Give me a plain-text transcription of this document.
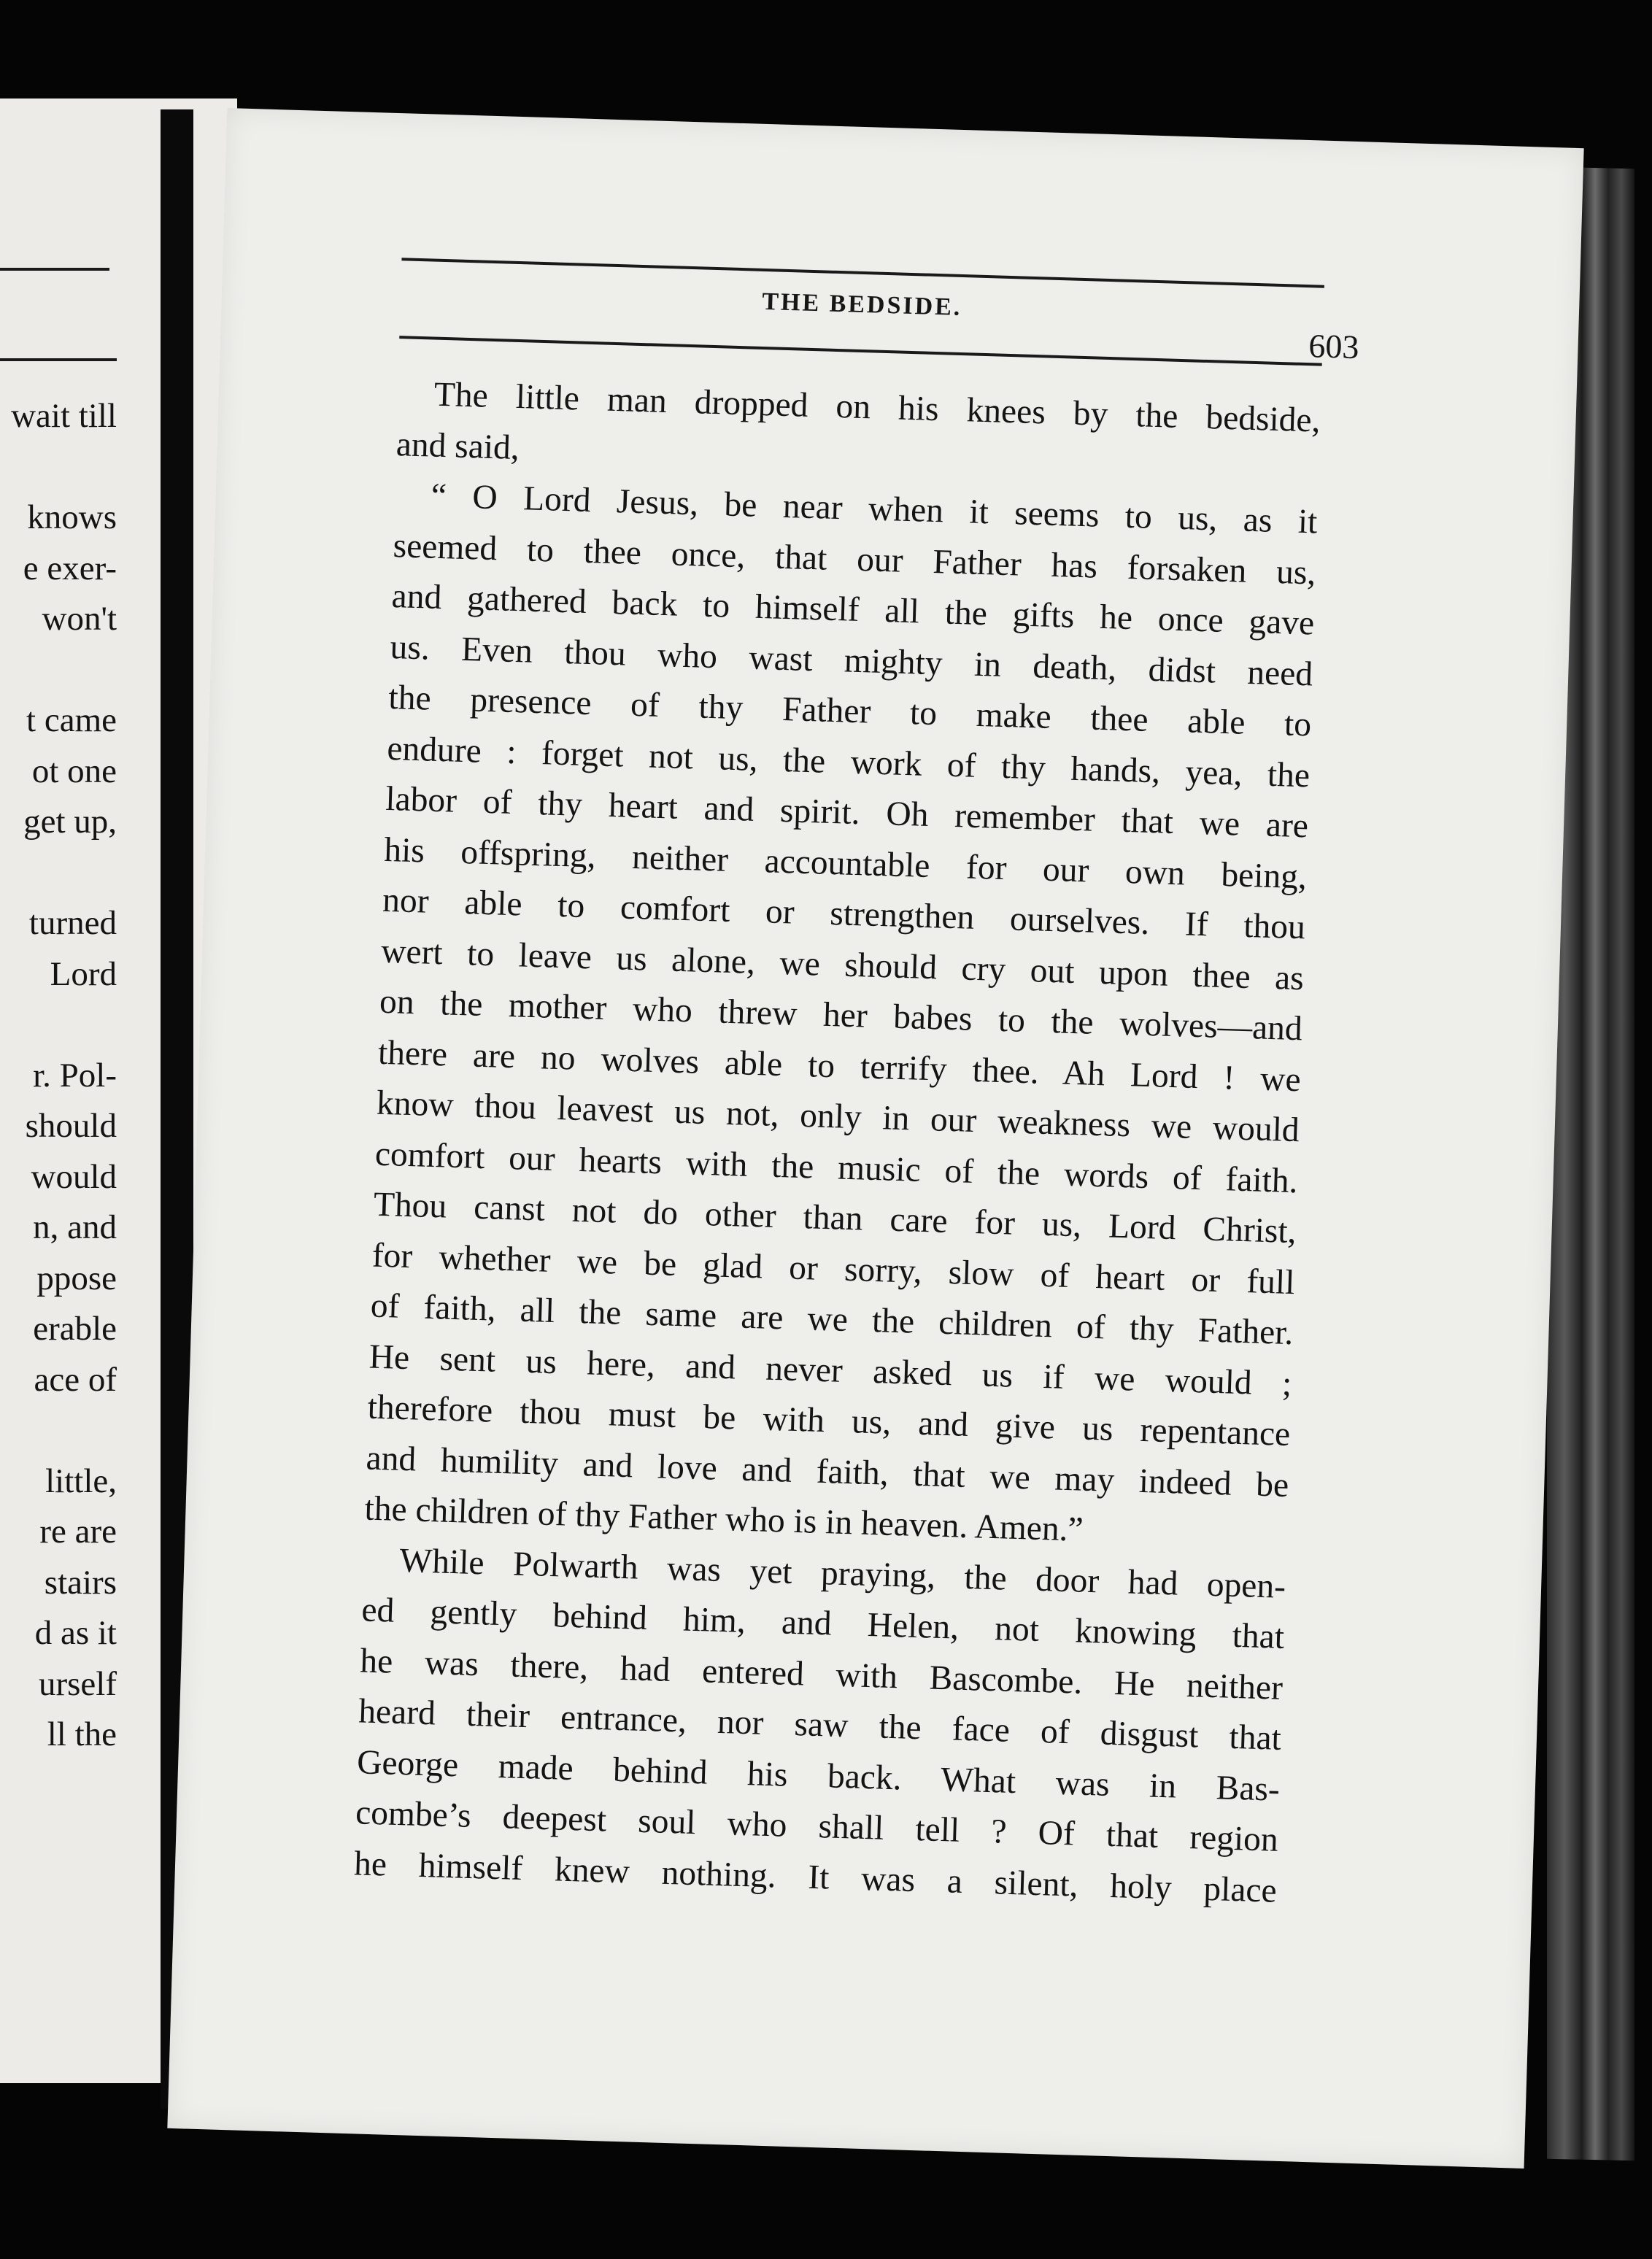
wait till
knows
e exer-
won't
t came
ot one
get up,
turned
Lord
r. Pol-
should
would
n, and
ppose
erable
ace of
little,
re are
stairs
d as it
urself
ll the
THE BEDSIDE.
603
The little man dropped on his knees by the bedside,
and said,
“ O Lord Jesus, be near when it seems to us, as it
seemed to thee once, that our Father has forsaken us,
and gathered back to himself all the gifts he once gave
us. Even thou who wast mighty in death, didst need
the presence of thy Father to make thee able to
endure : forget not us, the work of thy hands, yea, the
labor of thy heart and spirit. Oh remember that we are
his offspring, neither accountable for our own being,
nor able to comfort or strengthen ourselves. If thou
wert to leave us alone, we should cry out upon thee as
on the mother who threw her babes to the wolves—and
there are no wolves able to terrify thee. Ah Lord ! we
know thou leavest us not, only in our weakness we would
comfort our hearts with the music of the words of faith.
Thou canst not do other than care for us, Lord Christ,
for whether we be glad or sorry, slow of heart or full
of faith, all the same are we the children of thy Father.
He sent us here, and never asked us if we would ;
therefore thou must be with us, and give us repentance
and humility and love and faith, that we may indeed be
the children of thy Father who is in heaven. Amen.”
While Polwarth was yet praying, the door had open-
ed gently behind him, and Helen, not knowing that
he was there, had entered with Bascombe. He neither
heard their entrance, nor saw the face of disgust that
George made behind his back. What was in Bas-
combe’s deepest soul who shall tell ? Of that region
he himself knew nothing. It was a silent, holy place
